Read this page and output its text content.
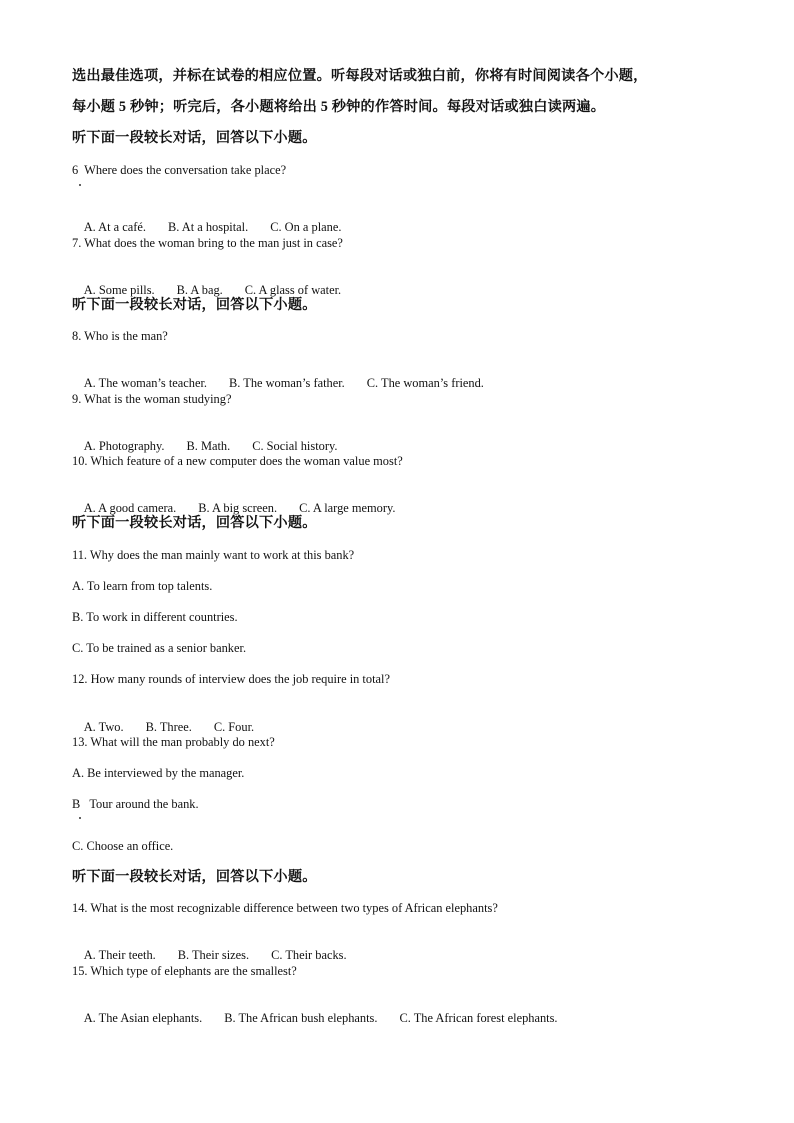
选出最佳选项，并标在试卷的相应位置。听每段对话或独白前，你将有时间阅读各个小题，
每小题 5 秒钟；听完后，各小题将给出 5 秒钟的作答时间。每段对话或独白读两遍。
听下面一段较长对话，回答以下小题。
6  Where does the conversation take place?

A. At a café. B. At a hospital. C. On a plane.

7. What does the woman bring to the man just in case?

A. Some pills. B. A bag. C. A glass of water.

听下面一段较长对话，回答以下小题。
8. Who is the man?

A. The woman’s teacher. B. The woman’s father. C. The woman’s friend.

9. What is the woman studying?

A. Photography. B. Math. C. Social history.

10. Which feature of a new computer does the woman value most?

A. A good camera. B. A big screen. C. A large memory.

听下面一段较长对话，回答以下小题。
11. Why does the man mainly want to work at this bank?
A. To learn from top talents.
B. To work in different countries.
C. To be trained as a senior banker.
12. How many rounds of interview does the job require in total?

A. Two. B. Three. C. Four.

13. What will the man probably do next?
A. Be interviewed by the manager.
B   Tour around the bank.
C. Choose an office.
听下面一段较长对话，回答以下小题。
14. What is the most recognizable difference between two types of African elephants?

A. Their teeth. B. Their sizes. C. Their backs.

15. Which type of elephants are the smallest?

A. The Asian elephants. B. The African bush elephants. C. The African forest elephants.
